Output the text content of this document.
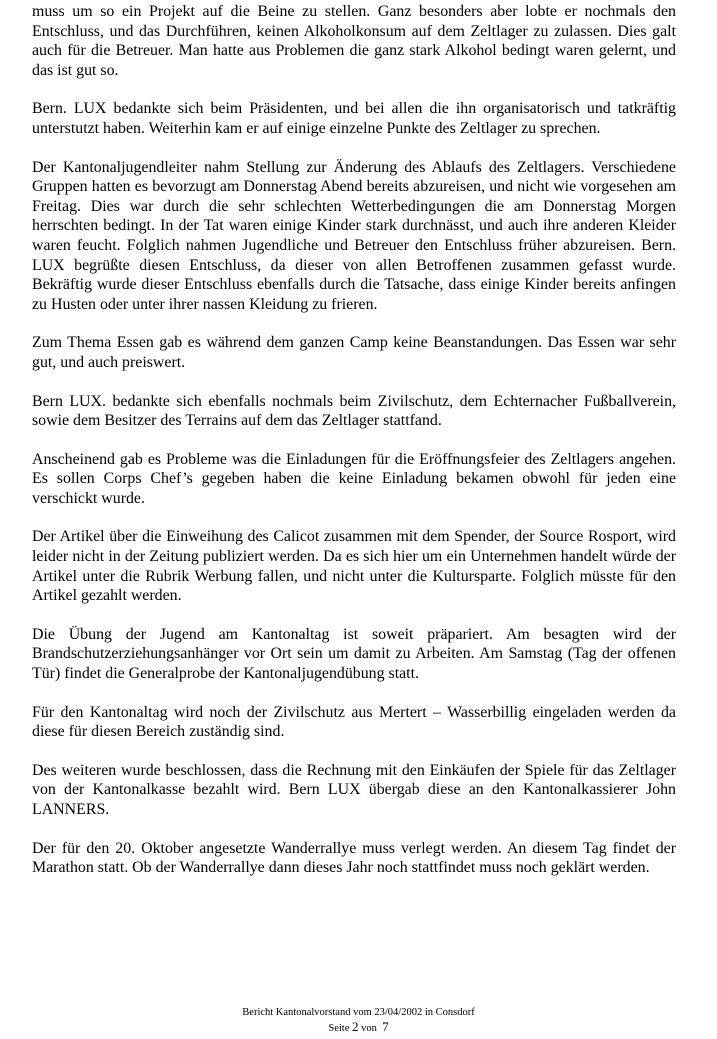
muss um so ein Projekt auf die Beine zu stellen. Ganz besonders aber lobte er nochmals den Entschluss, und das Durchführen, keinen Alkoholkonsum auf dem Zeltlager zu zulassen. Dies galt auch für die Betreuer. Man hatte aus Problemen die ganz stark Alkohol bedingt waren gelernt, und das ist gut so.

Bern. LUX bedankte sich beim Präsidenten, und bei allen die ihn organisatorisch und tatkräftig unterstutzt haben. Weiterhin kam er auf einige einzelne Punkte des Zeltlager zu sprechen.

Der Kantonaljugendleiter nahm Stellung zur Änderung des Ablaufs des Zeltlagers. Verschiedene Gruppen hatten es bevorzugt am Donnerstag Abend bereits abzureisen, und nicht wie vorgesehen am Freitag. Dies war durch die sehr schlechten Wetterbedingungen die am Donnerstag Morgen herrschten bedingt. In der Tat waren einige Kinder stark durchnässt, und auch ihre anderen Kleider waren feucht. Folglich nahmen Jugendliche und Betreuer den Entschluss früher abzureisen. Bern. LUX begrüßte diesen Entschluss, da dieser von allen Betroffenen zusammen gefasst wurde. Bekräftig wurde dieser Entschluss ebenfalls durch die Tatsache, dass einige Kinder bereits anfingen zu Husten oder unter ihrer nassen Kleidung zu frieren.

Zum Thema Essen gab es während dem ganzen Camp keine Beanstandungen. Das Essen war sehr gut, und auch preiswert.

Bern LUX. bedankte sich ebenfalls nochmals beim Zivilschutz, dem Echternacher Fußballverein, sowie dem Besitzer des Terrains auf dem das Zeltlager stattfand.

Anscheinend gab es Probleme was die Einladungen für die Eröffnungsfeier des Zeltlagers angehen. Es sollen Corps Chef’s gegeben haben die keine Einladung bekamen obwohl für jeden eine verschickt wurde.

Der Artikel über die Einweihung des Calicot zusammen mit dem Spender, der Source Rosport, wird leider nicht in der Zeitung publiziert werden. Da es sich hier um ein Unternehmen handelt würde der Artikel unter die Rubrik Werbung fallen, und nicht unter die Kultursparte. Folglich müsste für den Artikel gezahlt werden.

Die Übung der Jugend am Kantonaltag ist soweit präpariert. Am besagten wird der Brandschutzerziehungsanhänger vor Ort sein um damit zu Arbeiten. Am Samstag (Tag der offenen Tür) findet die Generalprobe der Kantonaljugendübung statt.

Für den Kantonaltag wird noch der Zivilschutz aus Mertert – Wasserbillig eingeladen werden da diese für diesen Bereich zuständig sind.

Des weiteren wurde beschlossen, dass die Rechnung mit den Einkäufen der Spiele für das Zeltlager von der Kantonalkasse bezahlt wird. Bern LUX übergab diese an den Kantonalkassierer John LANNERS.

Der für den 20. Oktober angesetzte Wanderrallye muss verlegt werden. An diesem Tag findet der Marathon statt. Ob der Wanderrallye dann dieses Jahr noch stattfindet muss noch geklärt werden.

Bericht Kantonalvorstand vom 23/04/2002 in Consdorf
Seite 2 von 7
